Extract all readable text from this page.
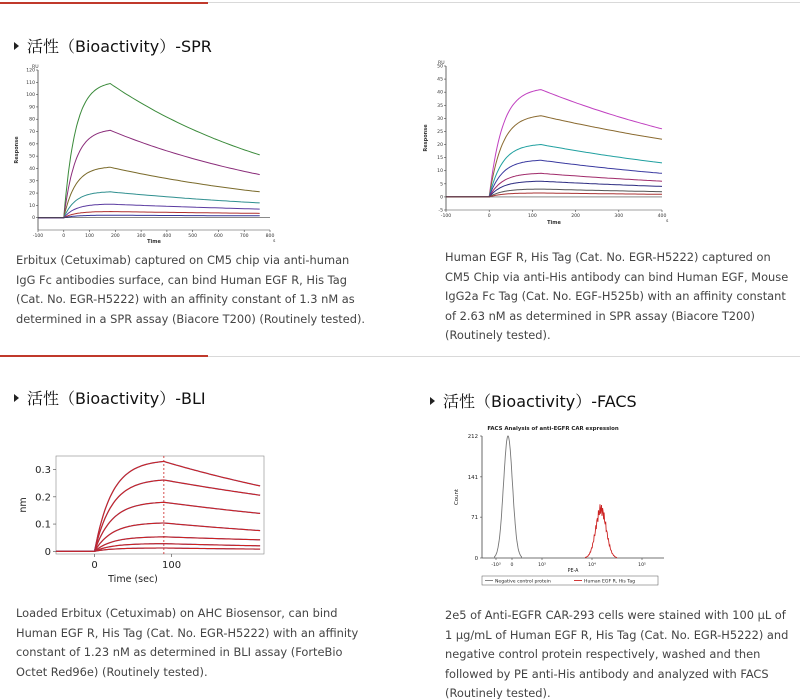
活性（Bioactivity）-SPR
活性（Bioactivity）-BLI	活性（Bioactivity）-FACS
0
10
20
30
40
50
60
70
80
90
100
110
120
-100	0	100	200	300	400	500	600	700	800
RU
s
Time
Response
-5
0
5
10
15
20
25
30
35
40
45
50
-100	0	100	200	300	400
RU
s
Time
Response
0
0.1
0.2
0.3
0	100
Time (sec)
nm
FACS Analysis of anti-EGFR CAR expression
0
71
141
212
-10³ 0	10³	10⁴	10⁵
PE-A
Count
Negative control protein	Human EGF R, His Tag
Erbitux (Cetuximab) captured on CM5 chip via anti-human
IgG Fc antibodies surface, can bind Human EGF R, His Tag
(Cat. No. EGR-H5222) with an affinity constant of 1.3 nM as
determined in a SPR assay (Biacore T200) (Routinely tested).
Human EGF R, His Tag (Cat. No. EGR-H5222) captured on
CM5 Chip via anti-His antibody can bind Human EGF, Mouse
IgG2a Fc Tag (Cat. No. EGF-H525b) with an affinity constant
of 2.63 nM as determined in SPR assay (Biacore T200)
(Routinely tested).
Loaded Erbitux (Cetuximab) on AHC Biosensor, can bind
Human EGF R, His Tag (Cat. No. EGR-H5222) with an affinity
constant of 1.23 nM as determined in BLI assay (ForteBio
Octet Red96e) (Routinely tested).
2e5 of Anti-EGFR CAR-293 cells were stained with 100 μL of
1 μg/mL of Human EGF R, His Tag (Cat. No. EGR-H5222) and
negative control protein respectively, washed and then
followed by PE anti-His antibody and analyzed with FACS
(Routinely tested).
